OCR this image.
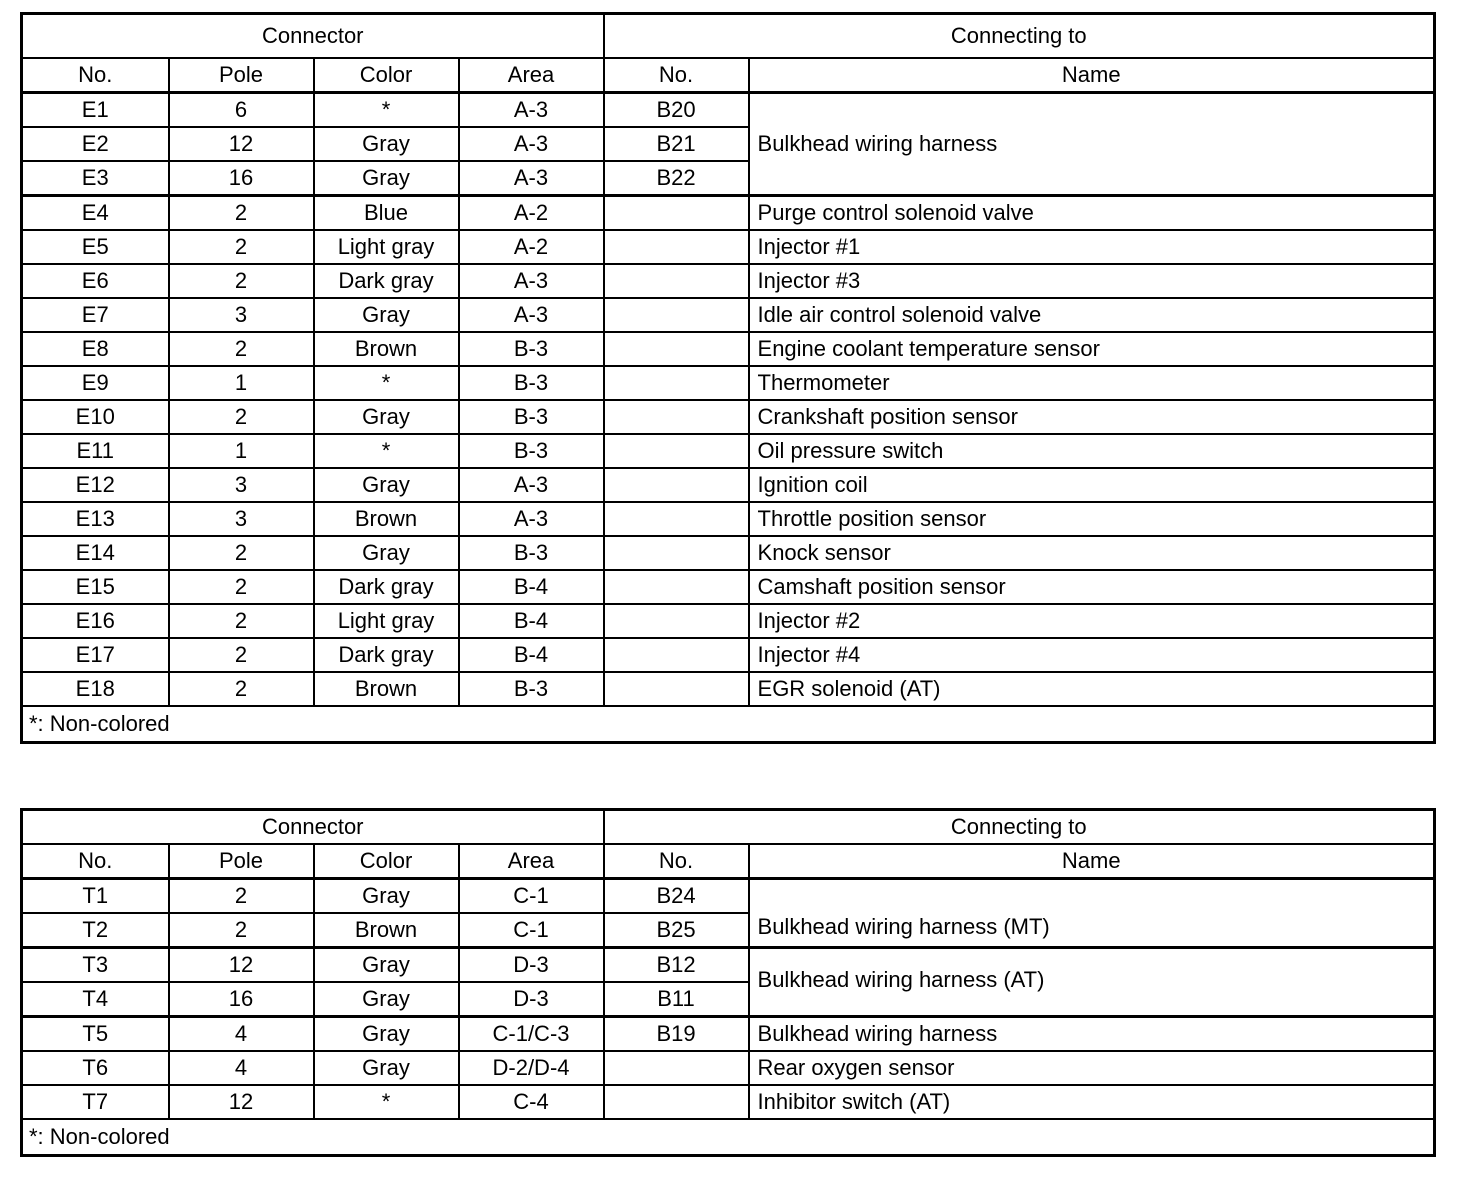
Connector				Connecting to	
No.	Pole	Color	Area	No.	Name
E1	6	*	A-3	B20	
E2	12	Gray	A-3	B21	Bulkhead wiring harness
E3	16	Gray	A-3	B22	
E4	2	Blue	A-2		Purge control solenoid valve
E5	2	Light gray	A-2		Injector #1
E6	2	Dark gray	A-3		Injector #3
E7	3	Gray	A-3		Idle air control solenoid valve
E8	2	Brown	B-3		Engine coolant temperature sensor
E9	1	*	B-3		Thermometer
E10	2	Gray	B-3		Crankshaft position sensor
E11	1	*	B-3		Oil pressure switch
E12	3	Gray	A-3		Ignition coil
E13	3	Brown	A-3		Throttle position sensor
E14	2	Gray	B-3		Knock sensor
E15	2	Dark gray	B-4		Camshaft position sensor
E16	2	Light gray	B-4		Injector #2
E17	2	Dark gray	B-4		Injector #4
E18	2	Brown	B-3		EGR solenoid (AT)
*: Non-colored					
Connector				Connecting to	
No.	Pole	Color	Area	No.	Name
T1	2	Gray	C-1	B24	
T2	2	Brown	C-1	B25	Bulkhead wiring harness (MT)
T3	12	Gray	D-3	B12	
T4	16	Gray	D-3	B11	Bulkhead wiring harness (AT)
T5	4	Gray	C-1/C-3	B19	Bulkhead wiring harness
T6	4	Gray	D-2/D-4		Rear oxygen sensor
T7	12	*	C-4		Inhibitor switch (AT)
*: Non-colored					
